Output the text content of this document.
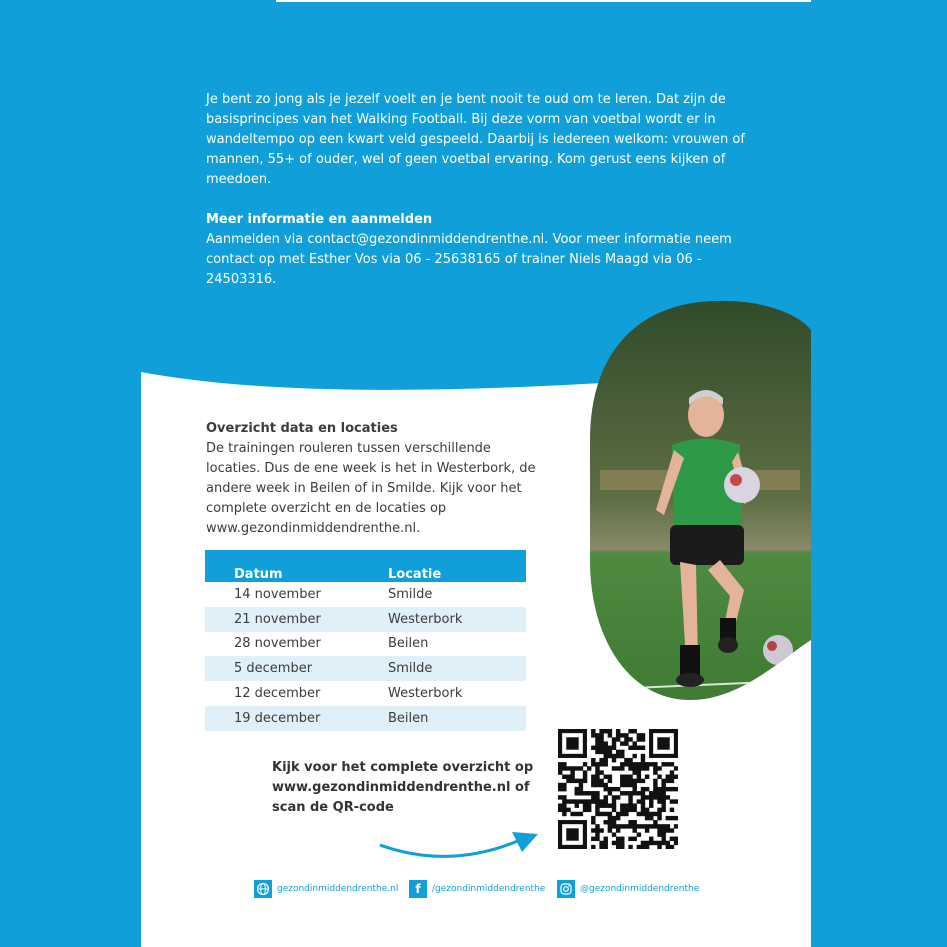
Je bent zo jong als je jezelf voelt en je bent nooit te oud om te leren. Dat zijn de basisprincipes van het Walking Football. Bij deze vorm van voetbal wordt er in wandeltempo op een kwart veld gespeeld. Daarbij is iedereen welkom: vrouwen of mannen, 55+ of ouder, wel of geen voetbal ervaring. Kom gerust eens kijken of meedoen.

Meer informatie en aanmelden
Aanmelden via contact@gezondinmiddendrenthe.nl. Voor meer informatie neem contact op met Esther Vos via 06 - 25638165 of trainer Niels Maagd via 06 - 24503316.
Overzicht data en locaties
De trainingen rouleren tussen verschillende locaties. Dus de ene week is het in Westerbork, de andere week in Beilen of in Smilde. Kijk voor het complete overzicht en de locaties op www.gezondinmiddendrenthe.nl.
Datum	Locatie
14 november	Smilde
21 november	Westerbork
28 november	Beilen
5 december	Smilde
12 december	Westerbork
19 december	Beilen
Kijk voor het complete overzicht op www.gezondinmiddendrenthe.nl of scan de QR-code
gezondinmiddendrenthe.nl	f	/gezondinmiddendrenthe	@gezondinmiddendrenthe
